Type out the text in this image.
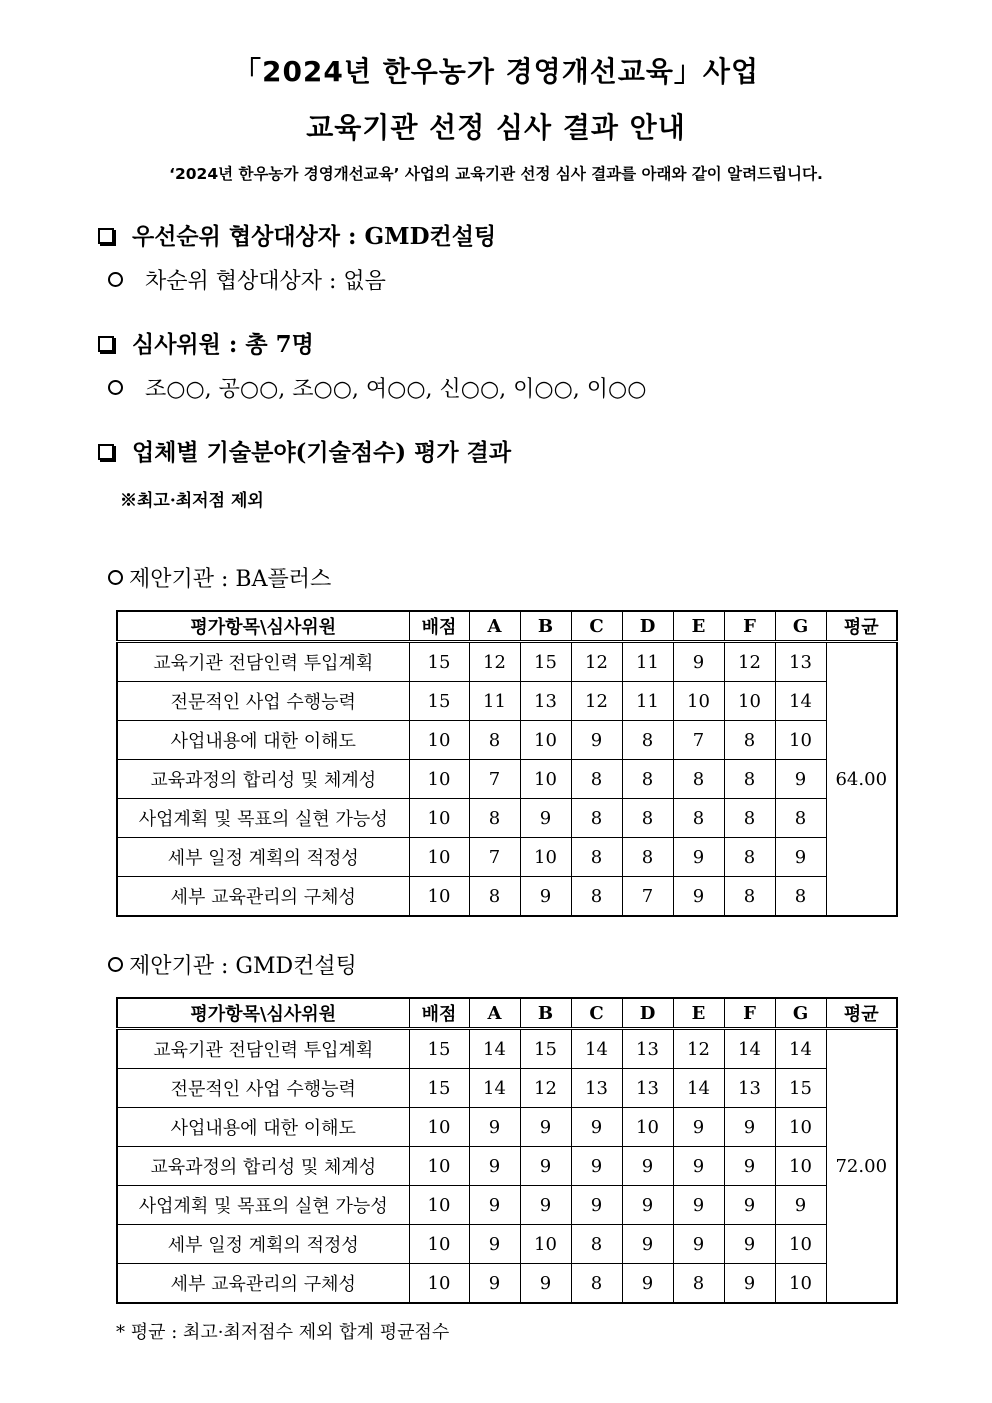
「2024년 한우농가 경영개선교육」사업
교육기관 선정 심사 결과 안내
‘2024년 한우농가 경영개선교육’ 사업의 교육기관 선정 심사 결과를 아래와 같이 알려드립니다.
우선순위 협상대상자 : GMD컨설팅
차순위 협상대상자 : 없음
심사위원 : 총 7명
조○○, 공○○, 조○○, 여○○, 신○○, 이○○, 이○○
업체별 기술분야(기술점수) 평가 결과
※최고·최저점 제외
제안기관 : BA플러스
평가항목\심사위원	배점	A	B	C	D	E	F	G	평균
교육기관 전담인력 투입계획	15	12	15	12	11	9	12	13	64.00
전문적인 사업 수행능력	15	11	13	12	11	10	10	14	
사업내용에 대한 이해도	10	8	10	9	8	7	8	10	
교육과정의 합리성 및 체계성	10	7	10	8	8	8	8	9	
사업계획 및 목표의 실현 가능성	10	8	9	8	8	8	8	8	
세부 일정 계획의 적정성	10	7	10	8	8	9	8	9	
세부 교육관리의 구체성	10	8	9	8	7	9	8	8	
제안기관 : GMD컨설팅
평가항목\심사위원	배점	A	B	C	D	E	F	G	평균
교육기관 전담인력 투입계획	15	14	15	14	13	12	14	14	72.00
전문적인 사업 수행능력	15	14	12	13	13	14	13	15	
사업내용에 대한 이해도	10	9	9	9	10	9	9	10	
교육과정의 합리성 및 체계성	10	9	9	9	9	9	9	10	
사업계획 및 목표의 실현 가능성	10	9	9	9	9	9	9	9	
세부 일정 계획의 적정성	10	9	10	8	9	9	9	10	
세부 교육관리의 구체성	10	9	9	8	9	8	9	10	
* 평균 : 최고·최저점수 제외 합계 평균점수
